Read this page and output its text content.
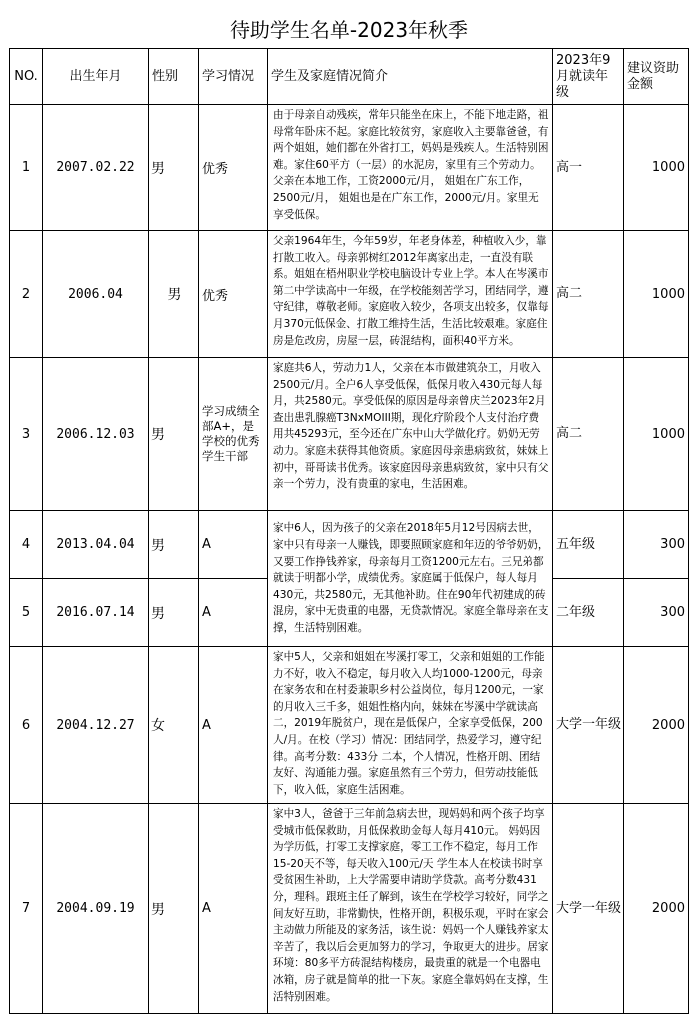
待助学生名单-2023年秋季
NO.	出生年月	性别	学习情况	学生及家庭情况简介	2023年9月就读年级	建议资助金额

1	2007.02.22	男	优秀	由于母亲自动残疾，常年只能坐在床上，不能下地走路，祖母常年卧床不起。家庭比较贫穷，家庭收入主要靠爸爸，有两个姐姐，她们都在外省打工，妈妈是残疾人。生活特别困难。家住60平方（一层）的水泥房，家里有三个劳动力。 父亲在本地工作，工资2000元/月， 姐姐在广东工作，2500元/月， 姐姐也是在广东工作，2000元/月。家里无享受低保。	高一	1000
2	2006.04	男	优秀	父亲1964年生，今年59岁，年老身体差，种植收入少，靠打散工收入。母亲郭树红2012年离家出走，一直没有联系。姐姐在梧州职业学校电脑设计专业上学。本人在岑溪市第二中学读高中一年级，在学校能刻苦学习，团结同学，遵守纪律，尊敬老师。家庭收入较少，各项支出较多，仅靠每月370元低保金、打散工维持生活，生活比较艰难。家庭住房是危改房，房屋一层，砖混结构，面积40平方米。	高二	1000
3	2006.12.03	男	学习成绩全部A+，是学校的优秀学生干部	家庭共6人，劳动力1人，父亲在本市做建筑杂工，月收入2500元/月。全户6人享受低保，低保月收入430元每人每月，共2580元。享受低保的原因是母亲曾庆兰2023年2月查出患乳腺癌T3NxMOIII期，现化疗阶段个人支付治疗费用共45293元，至今还在广东中山大学做化疗。奶奶无劳动力。家庭未获得其他资质。家庭因母亲患病致贫，妹妹上初中，哥哥读书优秀。该家庭因母亲患病致贫，家中只有父亲一个劳力，没有贵重的家电，生活困难。	高二	1000
4	2013.04.04	男	A	家中6人，因为孩子的父亲在2018年5月12号因病去世，家中只有母亲一人赚钱，即要照顾家庭和年迈的爷爷奶奶，又要工作挣钱养家，母亲每月工资1200元左右。三兄弟都就读于明都小学，成绩优秀。家庭属于低保户，每人每月430元，共2580元，无其他补助。住在90年代初建成的砖混房，家中无贵重的电器，无贷款情况。家庭全靠母亲在支撑，生活特别困难。	五年级	300
5	2016.07.14	男	A		二年级	300
6	2004.12.27	女	A	家中5人，父亲和姐姐在岑溪打零工，父亲和姐姐的工作能力不好，收入不稳定，每月收入人均1000-1200元，母亲在家务农和在村委兼职乡村公益岗位，每月1200元，一家的月收入三千多，姐姐性格内向，妹妹在岑溪中学就读高二，2019年脱贫户，现在是低保户，全家享受低保，200人/月。在校（学习）情况：团结同学，热爱学习，遵守纪律。高考分数：433分 二本，个人情况，性格开朗、团结友好、沟通能力强。家庭虽然有三个劳力，但劳动技能低下，收入低，家庭生活困难。	大学一年级	2000
7	2004.09.19	男	A	家中3人，爸爸于三年前急病去世，现妈妈和两个孩子均享受城市低保救助，月低保救助金每人每月410元。 妈妈因为学历低，打零工支撑家庭，零工工作不稳定，每月工作15-20天不等，每天收入100元/天 学生本人在校读书时享受贫困生补助，上大学需要申请助学贷款。高考分数431分，理科。跟班主任了解到，该生在学校学习较好，同学之间友好互助，非常勤快，性格开朗，积极乐观，平时在家会主动做力所能及的家务活，该生说：妈妈一个人赚钱养家太辛苦了，我以后会更加努力的学习，争取更大的进步。居家环境：80多平方砖混结构楼房，最贵重的就是一个电器电冰箱，房子就是简单的批一下灰。家庭全靠妈妈在支撑，生活特别困难。	大学一年级	2000
